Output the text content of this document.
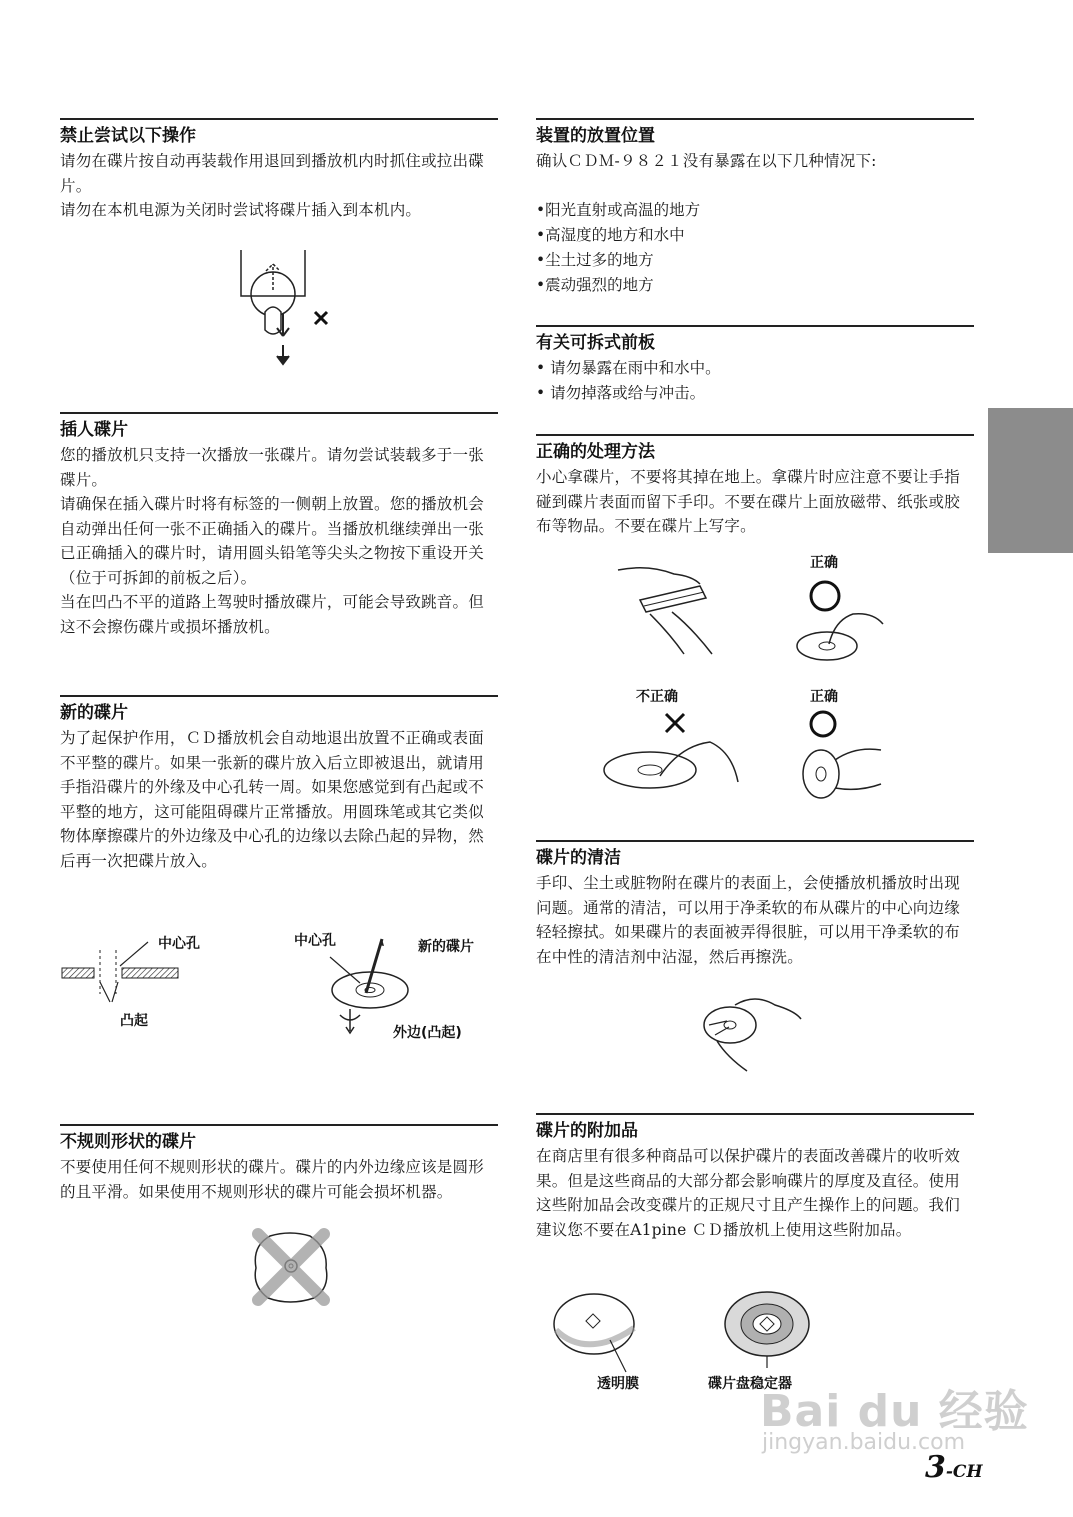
禁止尝试以下操作

请勿在碟片按自动再装载作用退回到播放机内时抓住或拉出碟片。

请勿在本机电源为关闭时尝试将碟片插入到本机内。

插人碟片

您的播放机只支持一次播放一张碟片。请勿尝试装载多于一张碟片。

请确保在插入碟片时将有标签的一侧朝上放置。您的播放机会自动弹出任何一张不正确插入的碟片。当播放机继续弹出一张已正确插入的碟片时，请用圆头铅笔等尖头之物按下重设开关（位于可拆卸的前板之后）。

当在凹凸不平的道路上驾驶时播放碟片，可能会导致跳音。但这不会擦伤碟片或损坏播放机。

新的碟片

为了起保护作用，ＣＤ播放机会自动地退出放置不正确或表面不平整的碟片。如果一张新的碟片放入后立即被退出，就请用手指沿碟片的外缘及中心孔转一周。如果您感觉到有凸起或不平整的地方，这可能阻碍碟片正常播放。用圆珠笔或其它类似物体摩擦碟片的外边缘及中心孔的边缘以去除凸起的异物，然后再一次把碟片放入。

中心孔
凸起
中心孔	新的碟片
外边(凸起)
不规则形状的碟片

不要使用任何不规则形状的碟片。碟片的内外边缘应该是圆形的且平滑。如果使用不规则形状的碟片可能会损坏机器。

装置的放置位置

确认ＣＤＭ-９８２１没有暴露在以下几种情况下:

•阳光直射或高温的地方
•高湿度的地方和水中
•尘土过多的地方
•震动强烈的地方
有关可拆式前板
• 请勿暴露在雨中和水中。
• 请勿掉落或给与冲击。
正确的处理方法

小心拿碟片，不要将其掉在地上。拿碟片时应注意不要让手指碰到碟片表面而留下手印。不要在碟片上面放磁带、纸张或胶布等物品。不要在碟片上写字。

正确
不正确	正确
碟片的清洁

手印、尘土或脏物附在碟片的表面上，会使播放机播放时出现问题。通常的清洁，可以用于净柔软的布从碟片的中心向边缘轻轻擦拭。如果碟片的表面被弄得很脏，可以用干净柔软的布在中性的清洁剂中沾湿，然后再擦洗。

碟片的附加品

在商店里有很多种商品可以保护碟片的表面改善碟片的收听效果。但是这些商品的大部分都会影响碟片的厚度及直径。使用这些附加品会改变碟片的正规尺寸且产生操作上的问题。我们建议您不要在A1pine ＣＤ播放机上使用这些附加品。

透明膜	碟片盘稳定器
Bai du 经验
jingyan.baidu.com
3-CH
